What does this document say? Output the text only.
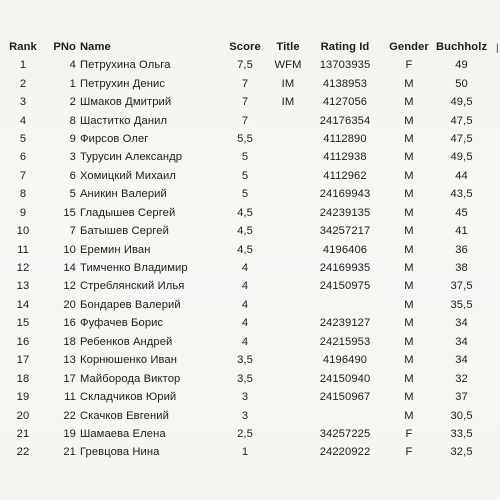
Rank	PNo	Name	Score	Title	Rating Id	Gender	Buchholz
1	4	Петрухина Ольга	7,5	WFM	13703935	F	49
2	1	Петрухин Денис	7	IM	4138953	M	50
3	2	Шмаков Дмитрий	7	IM	4127056	M	49,5
4	8	Шаститко Данил	7		24176354	M	47,5
5	9	Фирсов Олег	5,5		4112890	M	47,5
6	3	Турусин Александр	5		4112938	M	49,5
7	6	Хомицкий Михаил	5		4112962	M	44
8	5	Аникин Валерий	5		24169943	M	43,5
9	15	Гладышев Сергей	4,5		24239135	M	45
10	7	Батышев Сергей	4,5		34257217	M	41
11	10	Еремин Иван	4,5		4196406	M	36
12	14	Тимченко Владимир	4		24169935	M	38
13	12	Стреблянский Илья	4		24150975	M	37,5
14	20	Бондарев Валерий	4			M	35,5
15	16	Фуфачев Борис	4		24239127	M	34
16	18	Ребенков Андрей	4		24215953	M	34
17	13	Корнюшенко Иван	3,5		4196490	M	34
18	17	Майборода Виктор	3,5		24150940	M	32
19	11	Складчиков Юрий	3		24150967	M	37
20	22	Скачков Евгений	3			M	30,5
21	19	Шамаева Елена	2,5		34257225	F	33,5
22	21	Гревцова Нина	1		24220922	F	32,5
|
